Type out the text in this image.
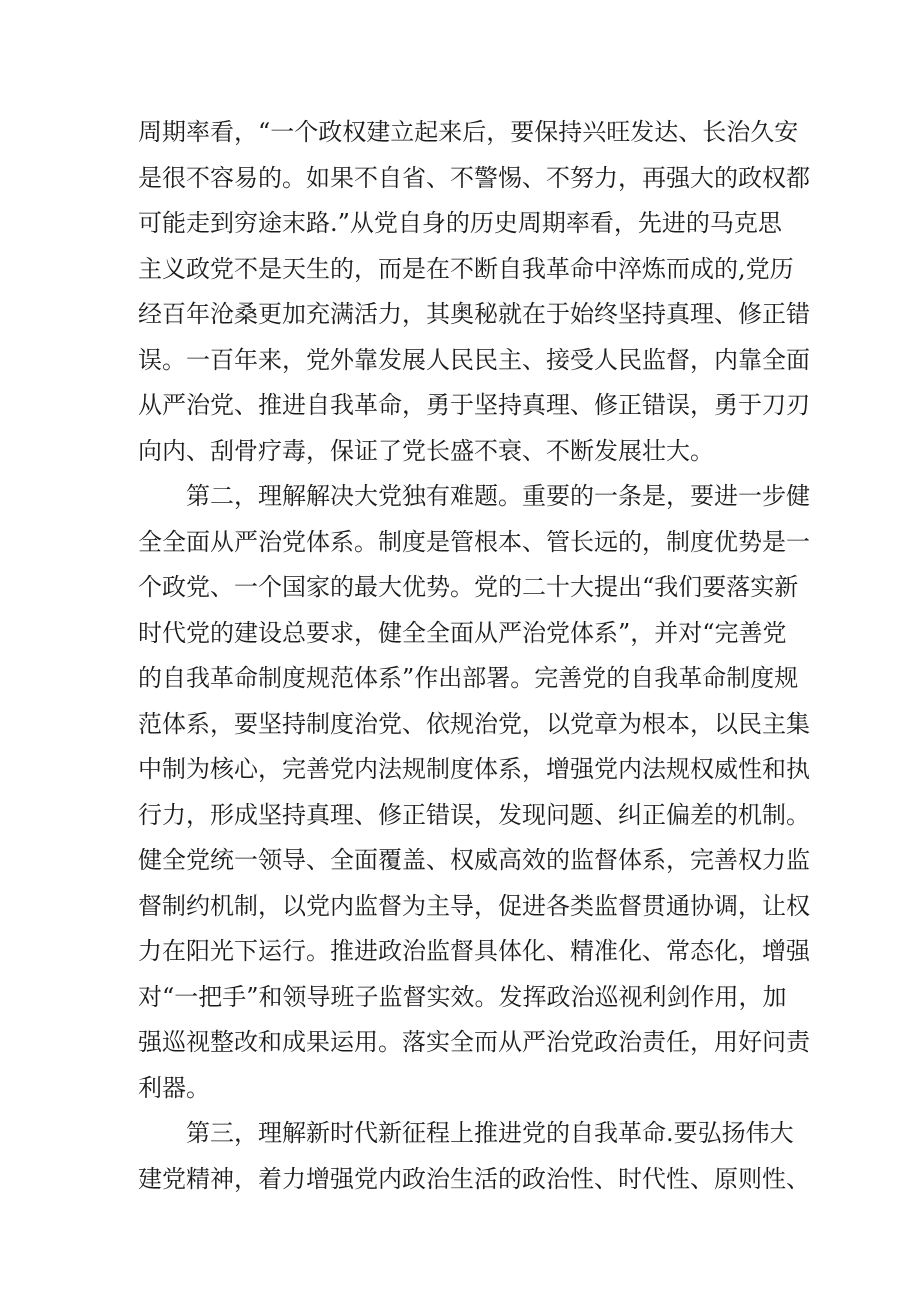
周期率看，“一个政权建立起来后，要保持兴旺发达、长治久安
是很不容易的。如果不自省、不警惕、不努力，再强大的政权都
可能走到穷途末路.”从党自身的历史周期率看，先进的马克思
主义政党不是天生的，而是在不断自我革命中淬炼而成的,党历
经百年沧桑更加充满活力，其奥秘就在于始终坚持真理、修正错
误。一百年来，党外靠发展人民民主、接受人民监督，内靠全面
从严治党、推进自我革命，勇于坚持真理、修正错误，勇于刀刃
向内、刮骨疗毒，保证了党长盛不衰、不断发展壮大。
第二，理解解决大党独有难题。重要的一条是，要进一步健
全全面从严治党体系。制度是管根本、管长远的，制度优势是一
个政党、一个国家的最大优势。党的二十大提出“我们要落实新
时代党的建设总要求，健全全面从严治党体系”，并对“完善党
的自我革命制度规范体系”作出部署。完善党的自我革命制度规
范体系，要坚持制度治党、依规治党，以党章为根本，以民主集
中制为核心，完善党内法规制度体系，增强党内法规权威性和执
行力，形成坚持真理、修正错误，发现问题、纠正偏差的机制。
健全党统一领导、全面覆盖、权威高效的监督体系，完善权力监
督制约机制，以党内监督为主导，促进各类监督贯通协调，让权
力在阳光下运行。推进政治监督具体化、精准化、常态化，增强
对“一把手”和领导班子监督实效。发挥政治巡视利剑作用，加
强巡视整改和成果运用。落实全而从严治党政治责任，用好问责
利器。
第三，理解新时代新征程上推进党的自我革命.要弘扬伟大
建党精神，着力增强党内政治生活的政治性、时代性、原则性、
